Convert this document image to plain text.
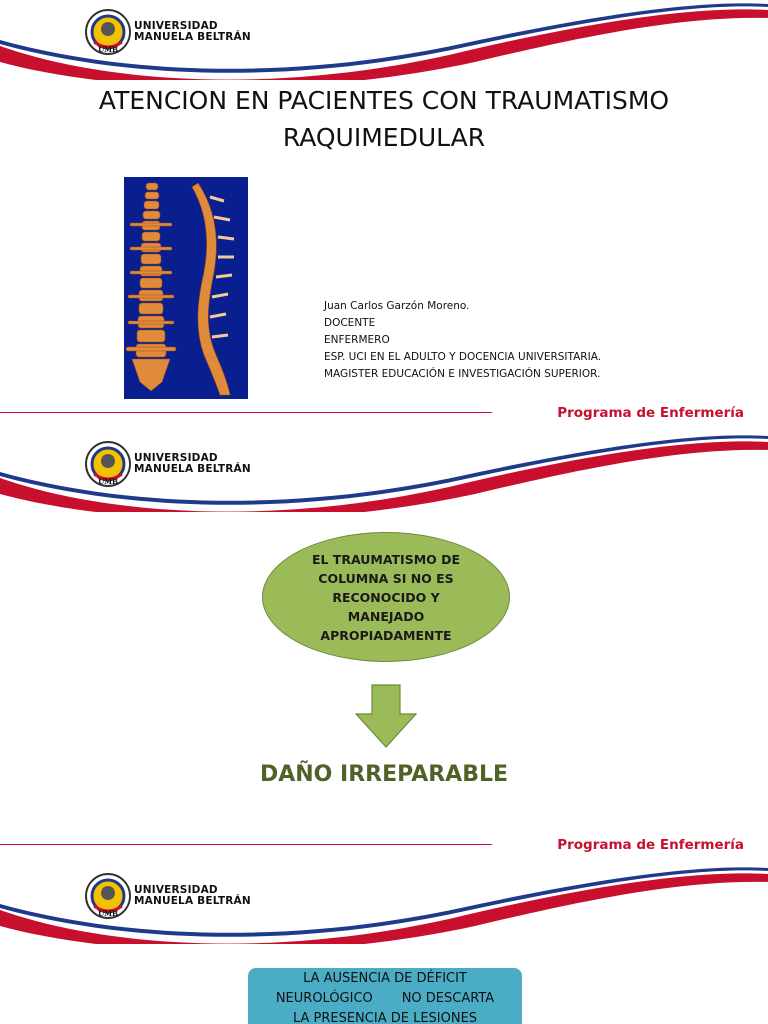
UMB
UNIVERSIDAD
MANUELA BELTRÁN
ATENCION EN PACIENTES CON TRAUMATISMO
RAQUIMEDULAR
Juan Carlos Garzón Moreno.
DOCENTE
ENFERMERO
ESP. UCI EN EL ADULTO Y DOCENCIA UNIVERSITARIA.
MAGISTER EDUCACIÓN E INVESTIGACIÓN SUPERIOR.
Programa de Enfermería
UMB
UNIVERSIDAD
MANUELA BELTRÁN
EL TRAUMATISMO DE COLUMNA SI NO ES RECONOCIDO Y MANEJADO APROPIADAMENTE
DAÑO IRREPARABLE
Programa de Enfermería
UMB
UNIVERSIDAD
MANUELA BELTRÁN
LA AUSENCIA DE DÉFICIT
NEUROLÓGICO       NO DESCARTA
LA PRESENCIA DE LESIONES
